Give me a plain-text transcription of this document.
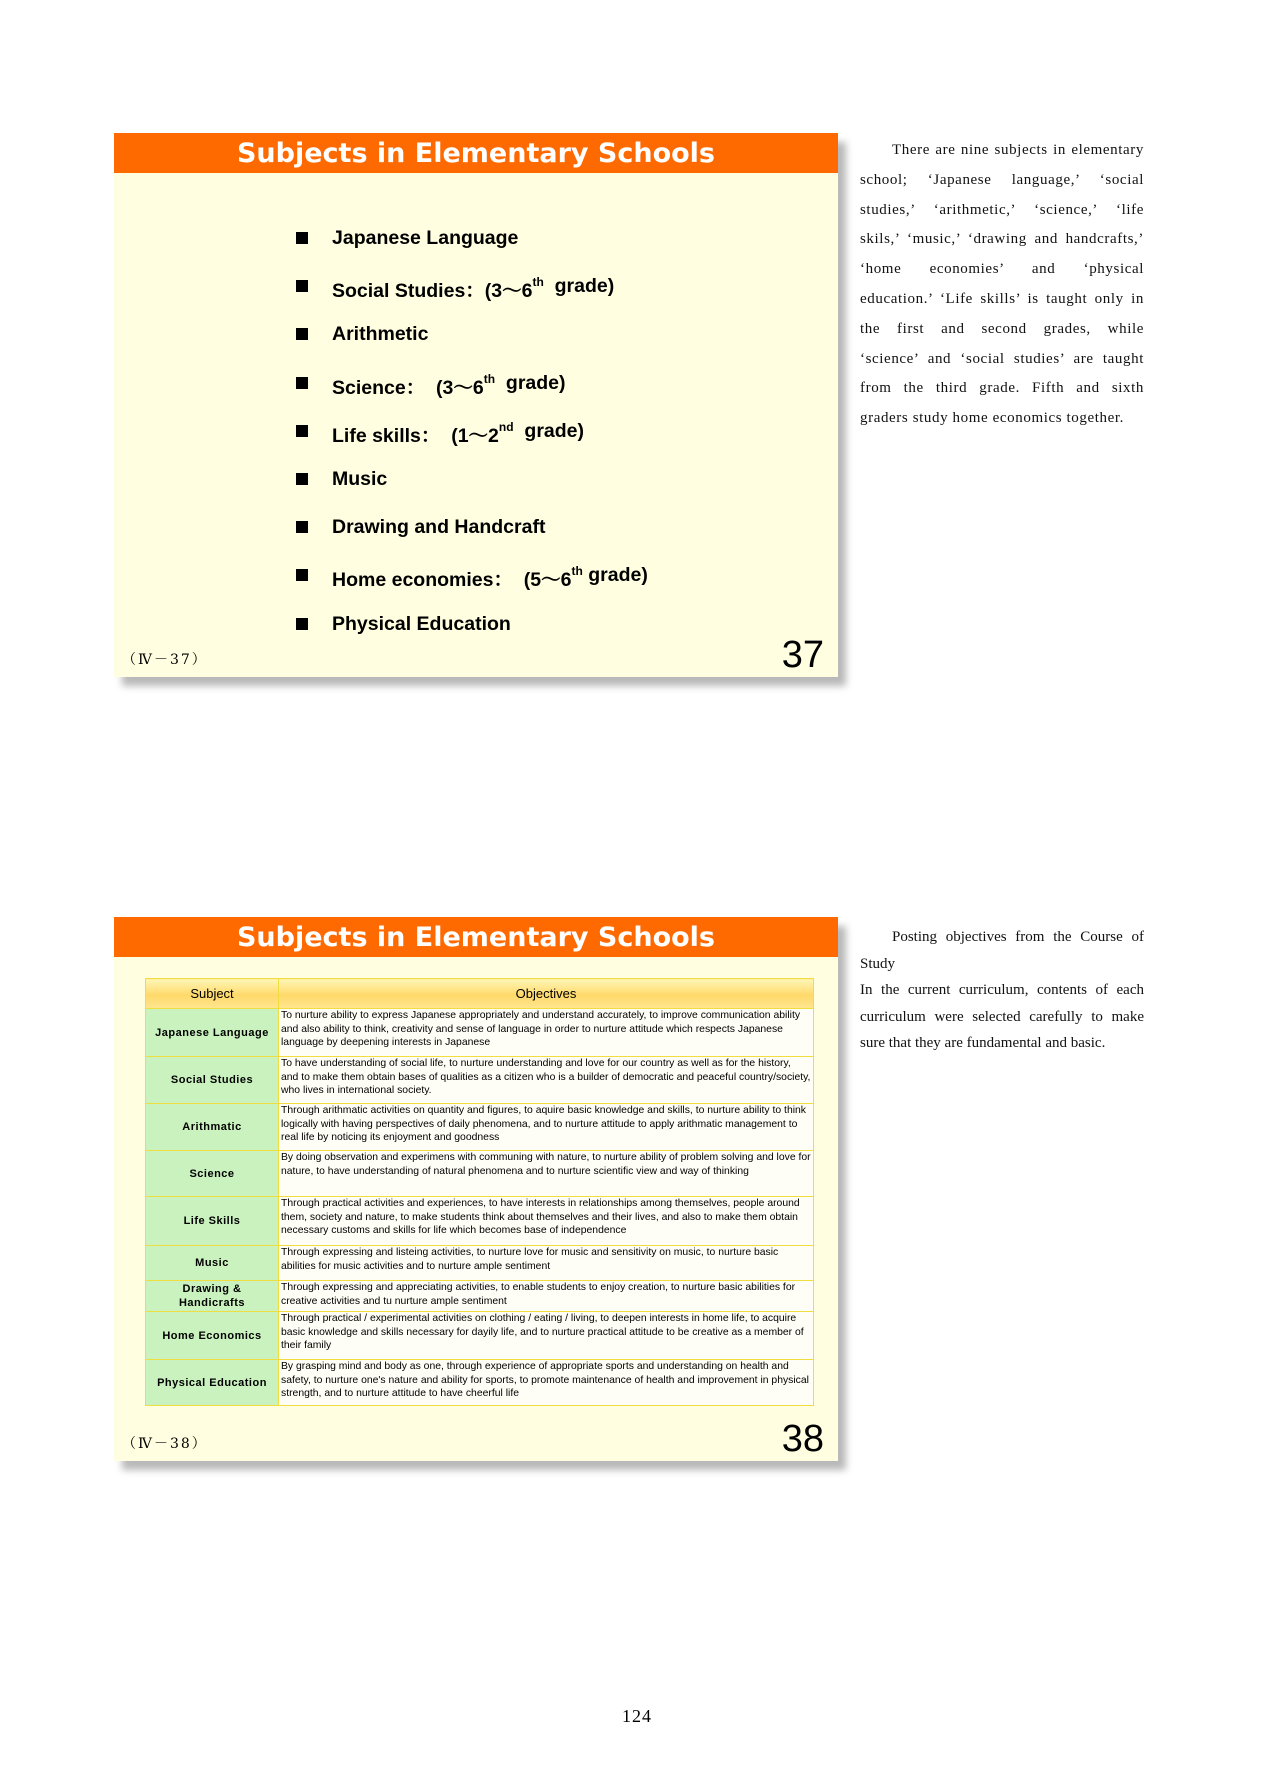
Subjects in Elementary Schools
Japanese Language
Social Studies：(3～6th grade)
Arithmetic
Science：  (3～6th grade)
Life skills：  (1～2nd grade)
Music
Drawing and Handcraft
Home economies：  (5～6th grade)
Physical Education
（Ⅳ－37）	37

There are nine subjects in elementary school; ‘Japanese language,’ ‘social studies,’ ‘arithmetic,’ ‘science,’ ‘life skils,’ ‘music,’ ‘drawing and handcrafts,’ ‘home economies’ and ‘physical education.’ ‘Life skills’ is taught only in the first and second grades, while ‘science’ and ‘social studies’ are taught from the third grade. Fifth and sixth graders study home economics together.

Subjects in Elementary Schools
Subject	Objectives
Japanese Language	To nurture ability to express Japanese appropriately and understand accurately, to improve communication ability and also ability to think, creativity and sense of language in order to nurture attitude which respects Japanese language by deepening interests in Japanese
Social Studies	To have understanding of social life, to nurture understanding and love for our country as well as for the history, and to make them obtain bases of qualities as a citizen who is a builder of democratic and peaceful country/society, who lives in international society.
Arithmatic	Through arithmatic activities on quantity and figures, to aquire basic knowledge and skills, to nurture ability to think logically with having perspectives of daily phenomena, and to nurture attitude to apply arithmatic management to real life by noticing its enjoyment and goodness
Science	By doing observation and experimens with communing with nature, to nurture ability of problem solving and love for nature, to have understanding of natural phenomena and to nurture scientific view and way of thinking
Life Skills	Through practical activities and experiences, to have interests in relationships among themselves, people around them, society and nature, to make students think about themselves and their lives, and also to make them obtain necessary customs and skills for life which becomes base of independence
Music	Through expressing and listeing activities, to nurture love for music and sensitivity on music, to nurture basic abilities for music activities and to nurture ample sentiment
Drawing & Handicrafts	Through expressing and appreciating activities, to enable students to enjoy creation, to nurture basic abilities for creative activities and tu nurture ample sentiment
Home Economics	Through practical / experimental activities on clothing / eating / living, to deepen interests in home life, to acquire basic knowledge and skills necessary for dayily life, and to nurture practical attitude to be creative as a member of their family
Physical Education	By grasping mind and body as one, through experience of appropriate sports and understanding on health and safety, to nurture one's nature and ability for sports, to promote maintenance of health and improvement in physical strength, and to nurture attitude to have cheerful life
（Ⅳ－38）	38

Posting objectives from the Course of Study
In the current curriculum, contents of each curriculum were selected carefully to make sure that they are fundamental and basic.

124
